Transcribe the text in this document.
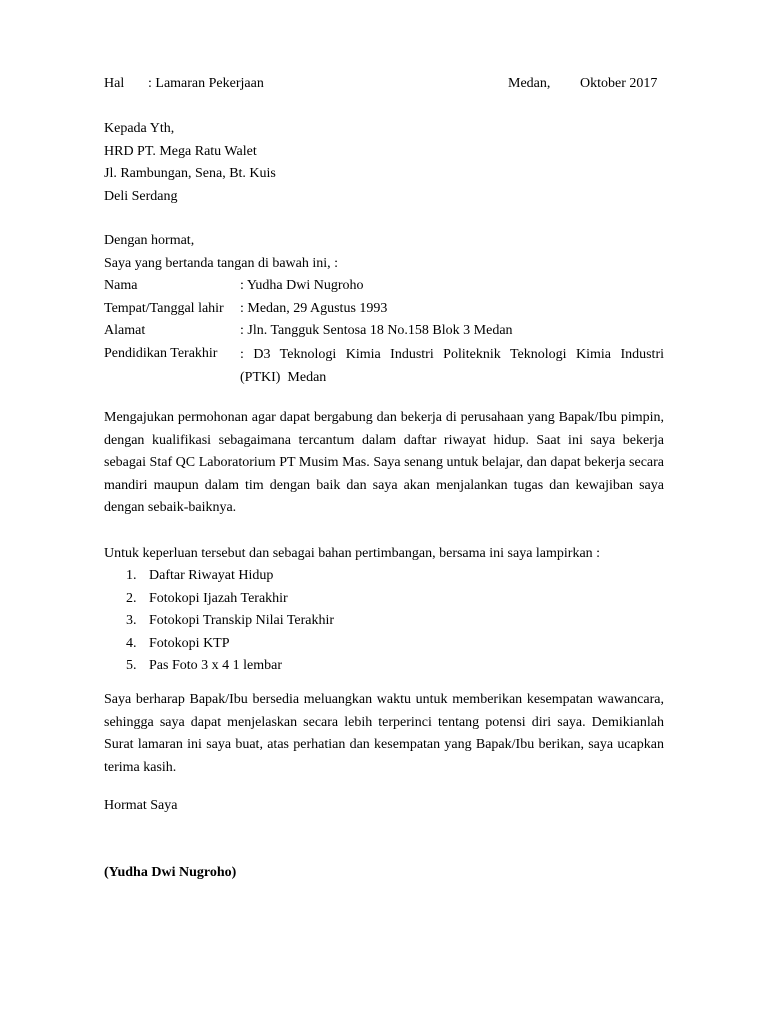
Hal : Lamaran Pekerjaan	Medan, Oktober 2017
Kepada Yth,
HRD PT. Mega Ratu Walet
Jl. Rambungan, Sena, Bt. Kuis
Deli Serdang
Dengan hormat,
Saya yang bertanda tangan di bawah ini, :
Nama	: Yudha Dwi Nugroho
Tempat/Tanggal lahir : Medan, 29 Agustus 1993
Alamat	: Jln. Tangguk Sentosa 18 No.158 Blok 3 Medan
Pendidikan Terakhir : D3 Teknologi Kimia Industri Politeknik Teknologi Kimia Industri
(PTKI)  Medan
Mengajukan permohonan agar dapat bergabung dan bekerja di perusahaan yang Bapak/Ibu pimpin, dengan kualifikasi sebagaimana tercantum dalam daftar riwayat hidup. Saat ini saya bekerja sebagai Staf QC Laboratorium PT Musim Mas. Saya senang untuk belajar, dan dapat bekerja secara mandiri maupun dalam tim dengan baik dan saya akan menjalankan tugas dan kewajiban saya dengan sebaik-baiknya.
Untuk keperluan tersebut dan sebagai bahan pertimbangan, bersama ini saya lampirkan :
1. Daftar Riwayat Hidup
2. Fotokopi Ijazah Terakhir
3. Fotokopi Transkip Nilai Terakhir
4. Fotokopi KTP
5. Pas Foto 3 x 4 1 lembar
Saya berharap Bapak/Ibu bersedia meluangkan waktu untuk memberikan kesempatan wawancara, sehingga saya dapat menjelaskan secara lebih terperinci tentang potensi diri saya. Demikianlah Surat lamaran ini saya buat, atas perhatian dan kesempatan yang Bapak/Ibu berikan, saya ucapkan terima kasih.
Hormat Saya
(Yudha Dwi Nugroho)
